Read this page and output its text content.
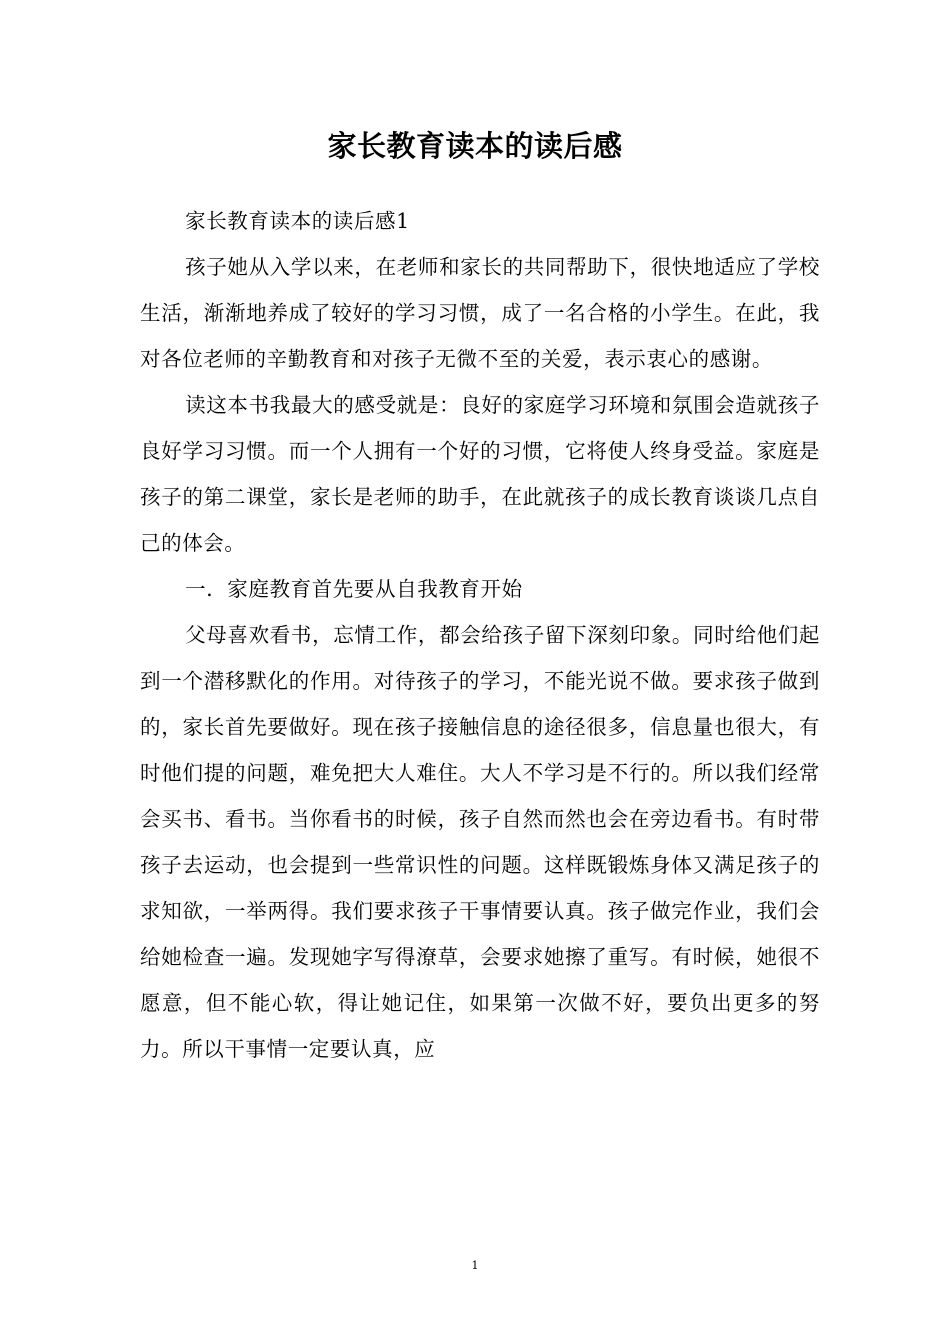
家长教育读本的读后感

家长教育读本的读后感1

孩子她从入学以来，在老师和家长的共同帮助下，很快地适应了学校生活，渐渐地养成了较好的学习习惯，成了一名合格的小学生。在此，我对各位老师的辛勤教育和对孩子无微不至的关爱，表示衷心的感谢。

读这本书我最大的感受就是：良好的家庭学习环境和氛围会造就孩子良好学习习惯。而一个人拥有一个好的习惯，它将使人终身受益。家庭是孩子的第二课堂，家长是老师的助手，在此就孩子的成长教育谈谈几点自己的体会。

一．家庭教育首先要从自我教育开始

父母喜欢看书，忘情工作，都会给孩子留下深刻印象。同时给他们起到一个潜移默化的作用。对待孩子的学习，不能光说不做。要求孩子做到的，家长首先要做好。现在孩子接触信息的途径很多，信息量也很大，有时他们提的问题，难免把大人难住。大人不学习是不行的。所以我们经常会买书、看书。当你看书的时候，孩子自然而然也会在旁边看书。有时带孩子去运动，也会提到一些常识性的问题。这样既锻炼身体又满足孩子的求知欲，一举两得。我们要求孩子干事情要认真。孩子做完作业，我们会给她检查一遍。发现她字写得潦草，会要求她擦了重写。有时候，她很不愿意，但不能心软，得让她记住，如果第一次做不好，要负出更多的努力。所以干事情一定要认真，应

1
